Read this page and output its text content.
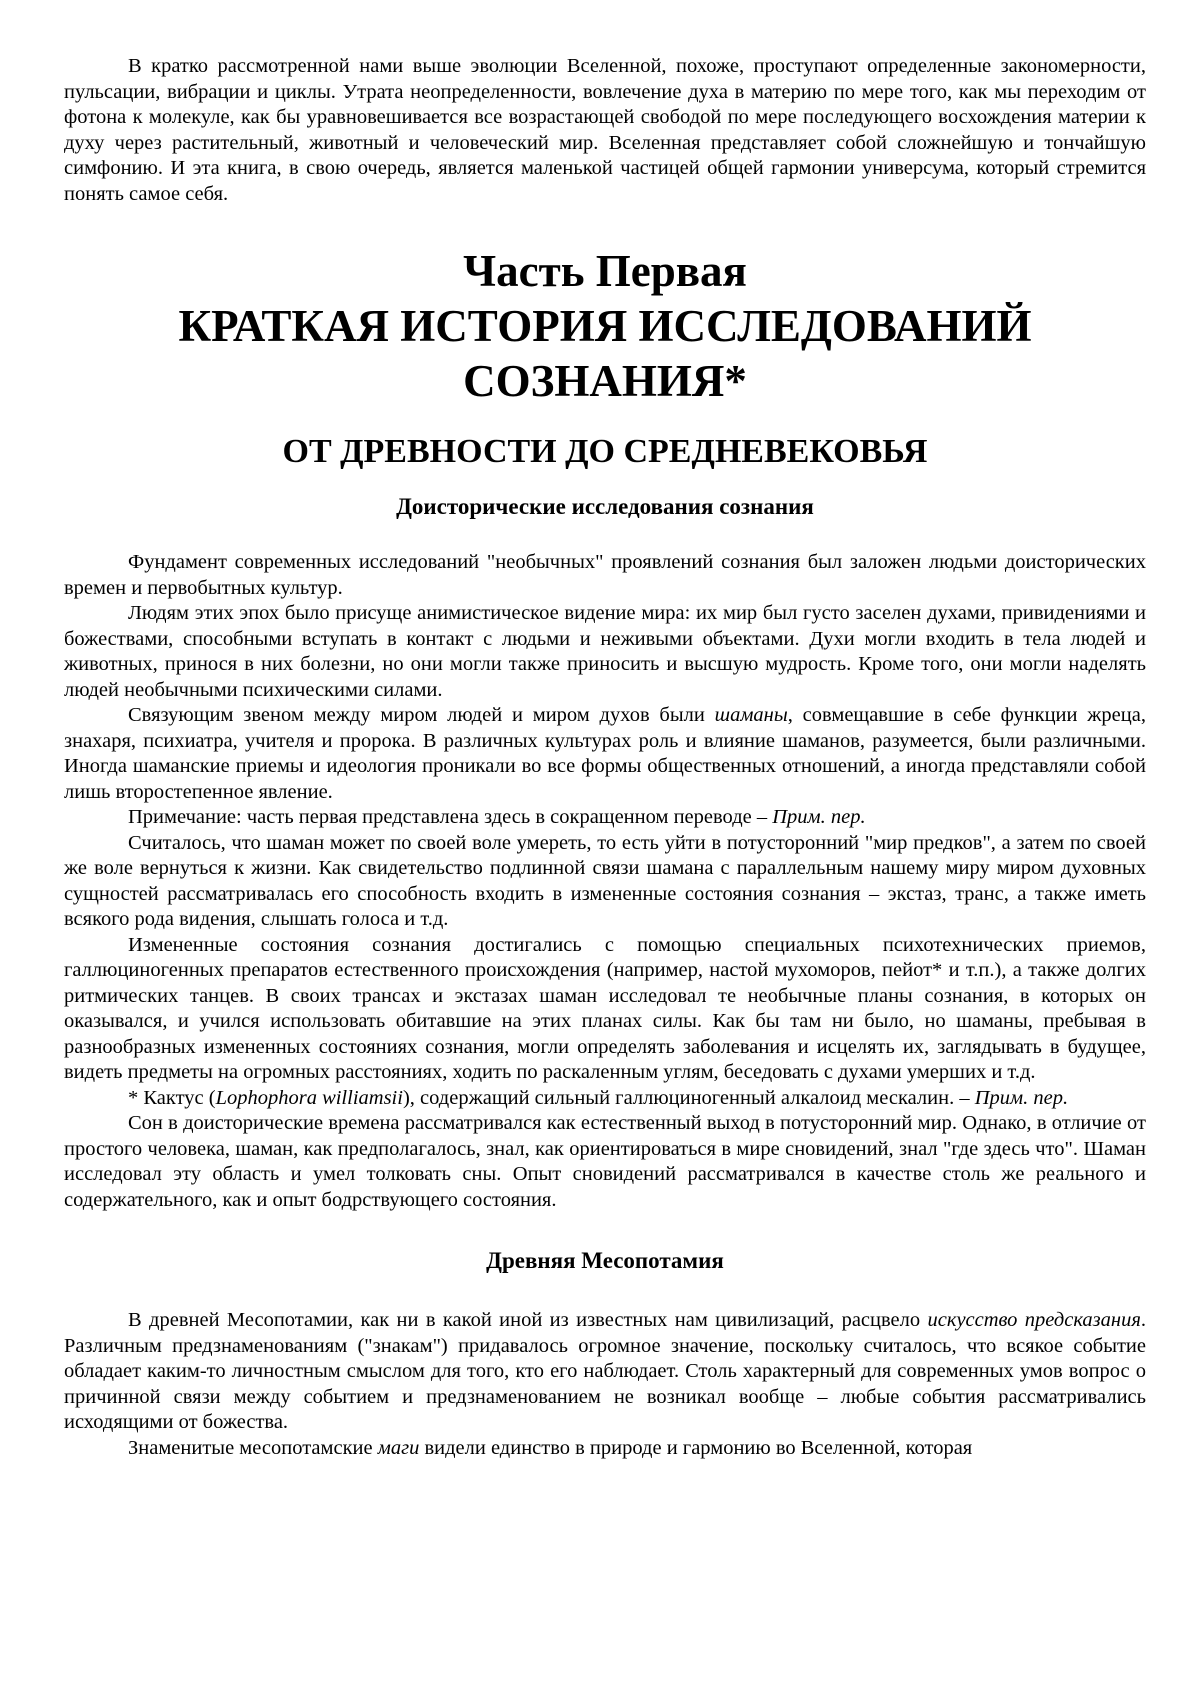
В кратко рассмотренной нами выше эволюции Вселенной, похоже, проступают определенные закономерности, пульсации, вибрации и циклы. Утрата неопределенности, вовлечение духа в материю по мере того, как мы переходим от фотона к молекуле, как бы уравновешивается все возрастающей свободой по мере последующего восхождения материи к духу через растительный, животный и человеческий мир. Вселенная представляет собой сложнейшую и тончайшую симфонию. И эта книга, в свою очередь, является маленькой частицей общей гармонии универсума, который стремится понять самое себя.

Часть Первая
КРАТКАЯ ИСТОРИЯ ИССЛЕДОВАНИЙ
СОЗНАНИЯ*
ОТ ДРЕВНОСТИ ДО СРЕДНЕВЕКОВЬЯ
Доисторические исследования сознания

Фундамент современных исследований "необычных" проявлений сознания был заложен людьми доисторических времен и первобытных культур.

Людям этих эпох было присуще анимистическое видение мира: их мир был густо заселен духами, привидениями и божествами, способными вступать в контакт с людьми и неживыми объектами. Духи могли входить в тела людей и животных, принося в них болезни, но они могли также приносить и высшую мудрость. Кроме того, они могли наделять людей необычными психическими силами.

Связующим звеном между миром людей и миром духов были шаманы, совмещавшие в себе функции жреца, знахаря, психиатра, учителя и пророка. В различных культурах роль и влияние шаманов, разумеется, были различными. Иногда шаманские приемы и идеология проникали во все формы общественных отношений, а иногда представляли собой лишь второстепенное явление.

Примечание: часть первая представлена здесь в сокращенном переводе – Прим. пер.

Считалось, что шаман может по своей воле умереть, то есть уйти в потусторонний "мир предков", а затем по своей же воле вернуться к жизни. Как свидетельство подлинной связи шамана с параллельным нашему миру миром духовных сущностей рассматривалась его способность входить в измененные состояния сознания – экстаз, транс, а также иметь всякого рода видения, слышать голоса и т.д.

Измененные состояния сознания достигались с помощью специальных психотехнических приемов, галлюциногенных препаратов естественного происхождения (например, настой мухоморов, пейот* и т.п.), а также долгих ритмических танцев. В своих трансах и экстазах шаман исследовал те необычные планы сознания, в которых он оказывался, и учился использовать обитавшие на этих планах силы. Как бы там ни было, но шаманы, пребывая в разнообразных измененных состояниях сознания, могли определять заболевания и исцелять их, заглядывать в будущее, видеть предметы на огромных расстояниях, ходить по раскаленным углям, беседовать с духами умерших и т.д.

* Кактус (Lophophora williamsii), содержащий сильный галлюциногенный алкалоид мескалин. – Прим. пер.

Сон в доисторические времена рассматривался как естественный выход в потусторонний мир. Однако, в отличие от простого человека, шаман, как предполагалось, знал, как ориентироваться в мире сновидений, знал "где здесь что". Шаман исследовал эту область и умел толковать сны. Опыт сновидений рассматривался в качестве столь же реального и содержательного, как и опыт бодрствующего состояния.

Древняя Месопотамия

В древней Месопотамии, как ни в какой иной из известных нам цивилизаций, расцвело искусство предсказания. Различным предзнаменованиям ("знакам") придавалось огромное значение, поскольку считалось, что всякое событие обладает каким-то личностным смыслом для того, кто его наблюдает. Столь характерный для современных умов вопрос о причинной связи между событием и предзнаменованием не возникал вообще – любые события рассматривались исходящими от божества.

Знаменитые месопотамские маги видели единство в природе и гармонию во Вселенной, которая
